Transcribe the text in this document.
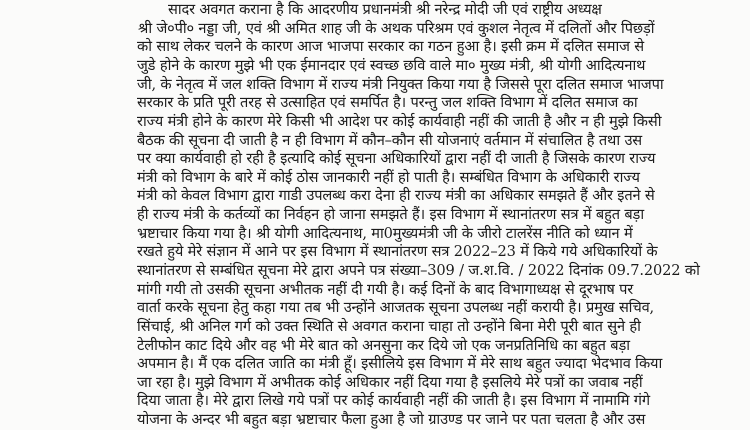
सादर अवगत कराना है कि आदरणीय प्रधानमंत्री श्री नरेन्द्र मोदी जी एवं राष्ट्रीय अध्यक्ष
श्री जे०पी० नड्डा जी, एवं श्री अमित शाह जी के अथक परिश्रम एवं कुशल नेतृत्व में दलितों और पिछड़ों
को साथ लेकर चलने के कारण आज भाजपा सरकार का गठन हुआ है। इसी क्रम में दलित समाज से
जुडे होने के कारण मुझे भी एक ईमानदार एवं स्वच्छ छवि वाले मा० मुख्य मंत्री, श्री योगी आदित्यनाथ
जी, के नेतृत्व में जल शक्ति विभाग में राज्य मंत्री नियुक्त किया गया है जिससे पूरा दलित समाज भाजपा
सरकार के प्रति पूरी तरह से उत्साहित एवं समर्पित है। परन्तु जल शक्ति विभाग में दलित समाज का
राज्य मंत्री होने के कारण मेरे किसी भी आदेश पर कोई कार्यवाही नहीं की जाती है और न ही मुझे किसी
बैठक की सूचना दी जाती है न ही विभाग में कौन–कौन सी योजनाएं वर्तमान में संचालित है तथा उस
पर क्या कार्यवाही हो रही है इत्यादि कोई सूचना अधिकारियों द्वारा नहीं दी जाती है जिसके कारण राज्य
मंत्री को विभाग के बारे में कोई ठोस जानकारी नहीं हो पाती है। सम्बंधित विभाग के अधिकारी राज्य
मंत्री को केवल विभाग द्वारा गाडी उपलब्ध करा देना ही राज्य मंत्री का अधिकार समझते हैं और इतने से
ही राज्य मंत्री के कर्तव्यों का निर्वहन हो जाना समझते हैं। इस विभाग में स्थानांतरण सत्र में बहुत बड़ा
भ्रष्टाचार किया गया है। श्री योगी आदित्यनाथ, मा0मुख्यमंत्री जी के जीरो टालरेंस नीति को ध्यान में
रखते हुये मेरे संज्ञान में आने पर इस विभाग में स्थानांतरण सत्र 2022–23 में किये गये अधिकारियों के
स्थानांतरण से सम्बंधित सूचना मेरे द्वारा अपने पत्र संख्या–309 / ज.श.वि. / 2022 दिनांक 09.7.2022 को
मांगी गयी तो उसकी सूचना अभीतक नहीं दी गयी है। कई दिनों के बाद विभागाध्यक्ष से दूरभाष पर
वार्ता करके सूचना हेतु कहा गया तब भी उन्होंने आजतक सूचना उपलब्ध नहीं करायी है। प्रमुख सचिव,
सिंचाई, श्री अनिल गर्ग को उक्त स्थिति से अवगत कराना चाहा तो उन्होंने बिना मेरी पूरी बात सुने ही
टेलीफोन काट दिये और वह भी मेरे बात को अनसुना कर दिये जो एक जनप्रतिनिधि का बहुत बड़ा
अपमान है। मैं एक दलित जाति का मंत्री हूँ। इसीलिये इस विभाग में मेरे साथ बहुत ज्यादा भेदभाव किया
जा रहा है। मुझे विभाग में अभीतक कोई अधिकार नहीं दिया गया है इसलिये मेरे पत्रों का जवाब नहीं
दिया जाता है। मेरे द्वारा लिखे गये पत्रों पर कोई कार्यवाही नहीं की जाती है। इस विभाग में नामामि गंगे
योजना के अन्दर भी बहुत बड़ा भ्रष्टाचार फैला हुआ है जो ग्राउण्ड पर जाने पर पता चलता है और उस
